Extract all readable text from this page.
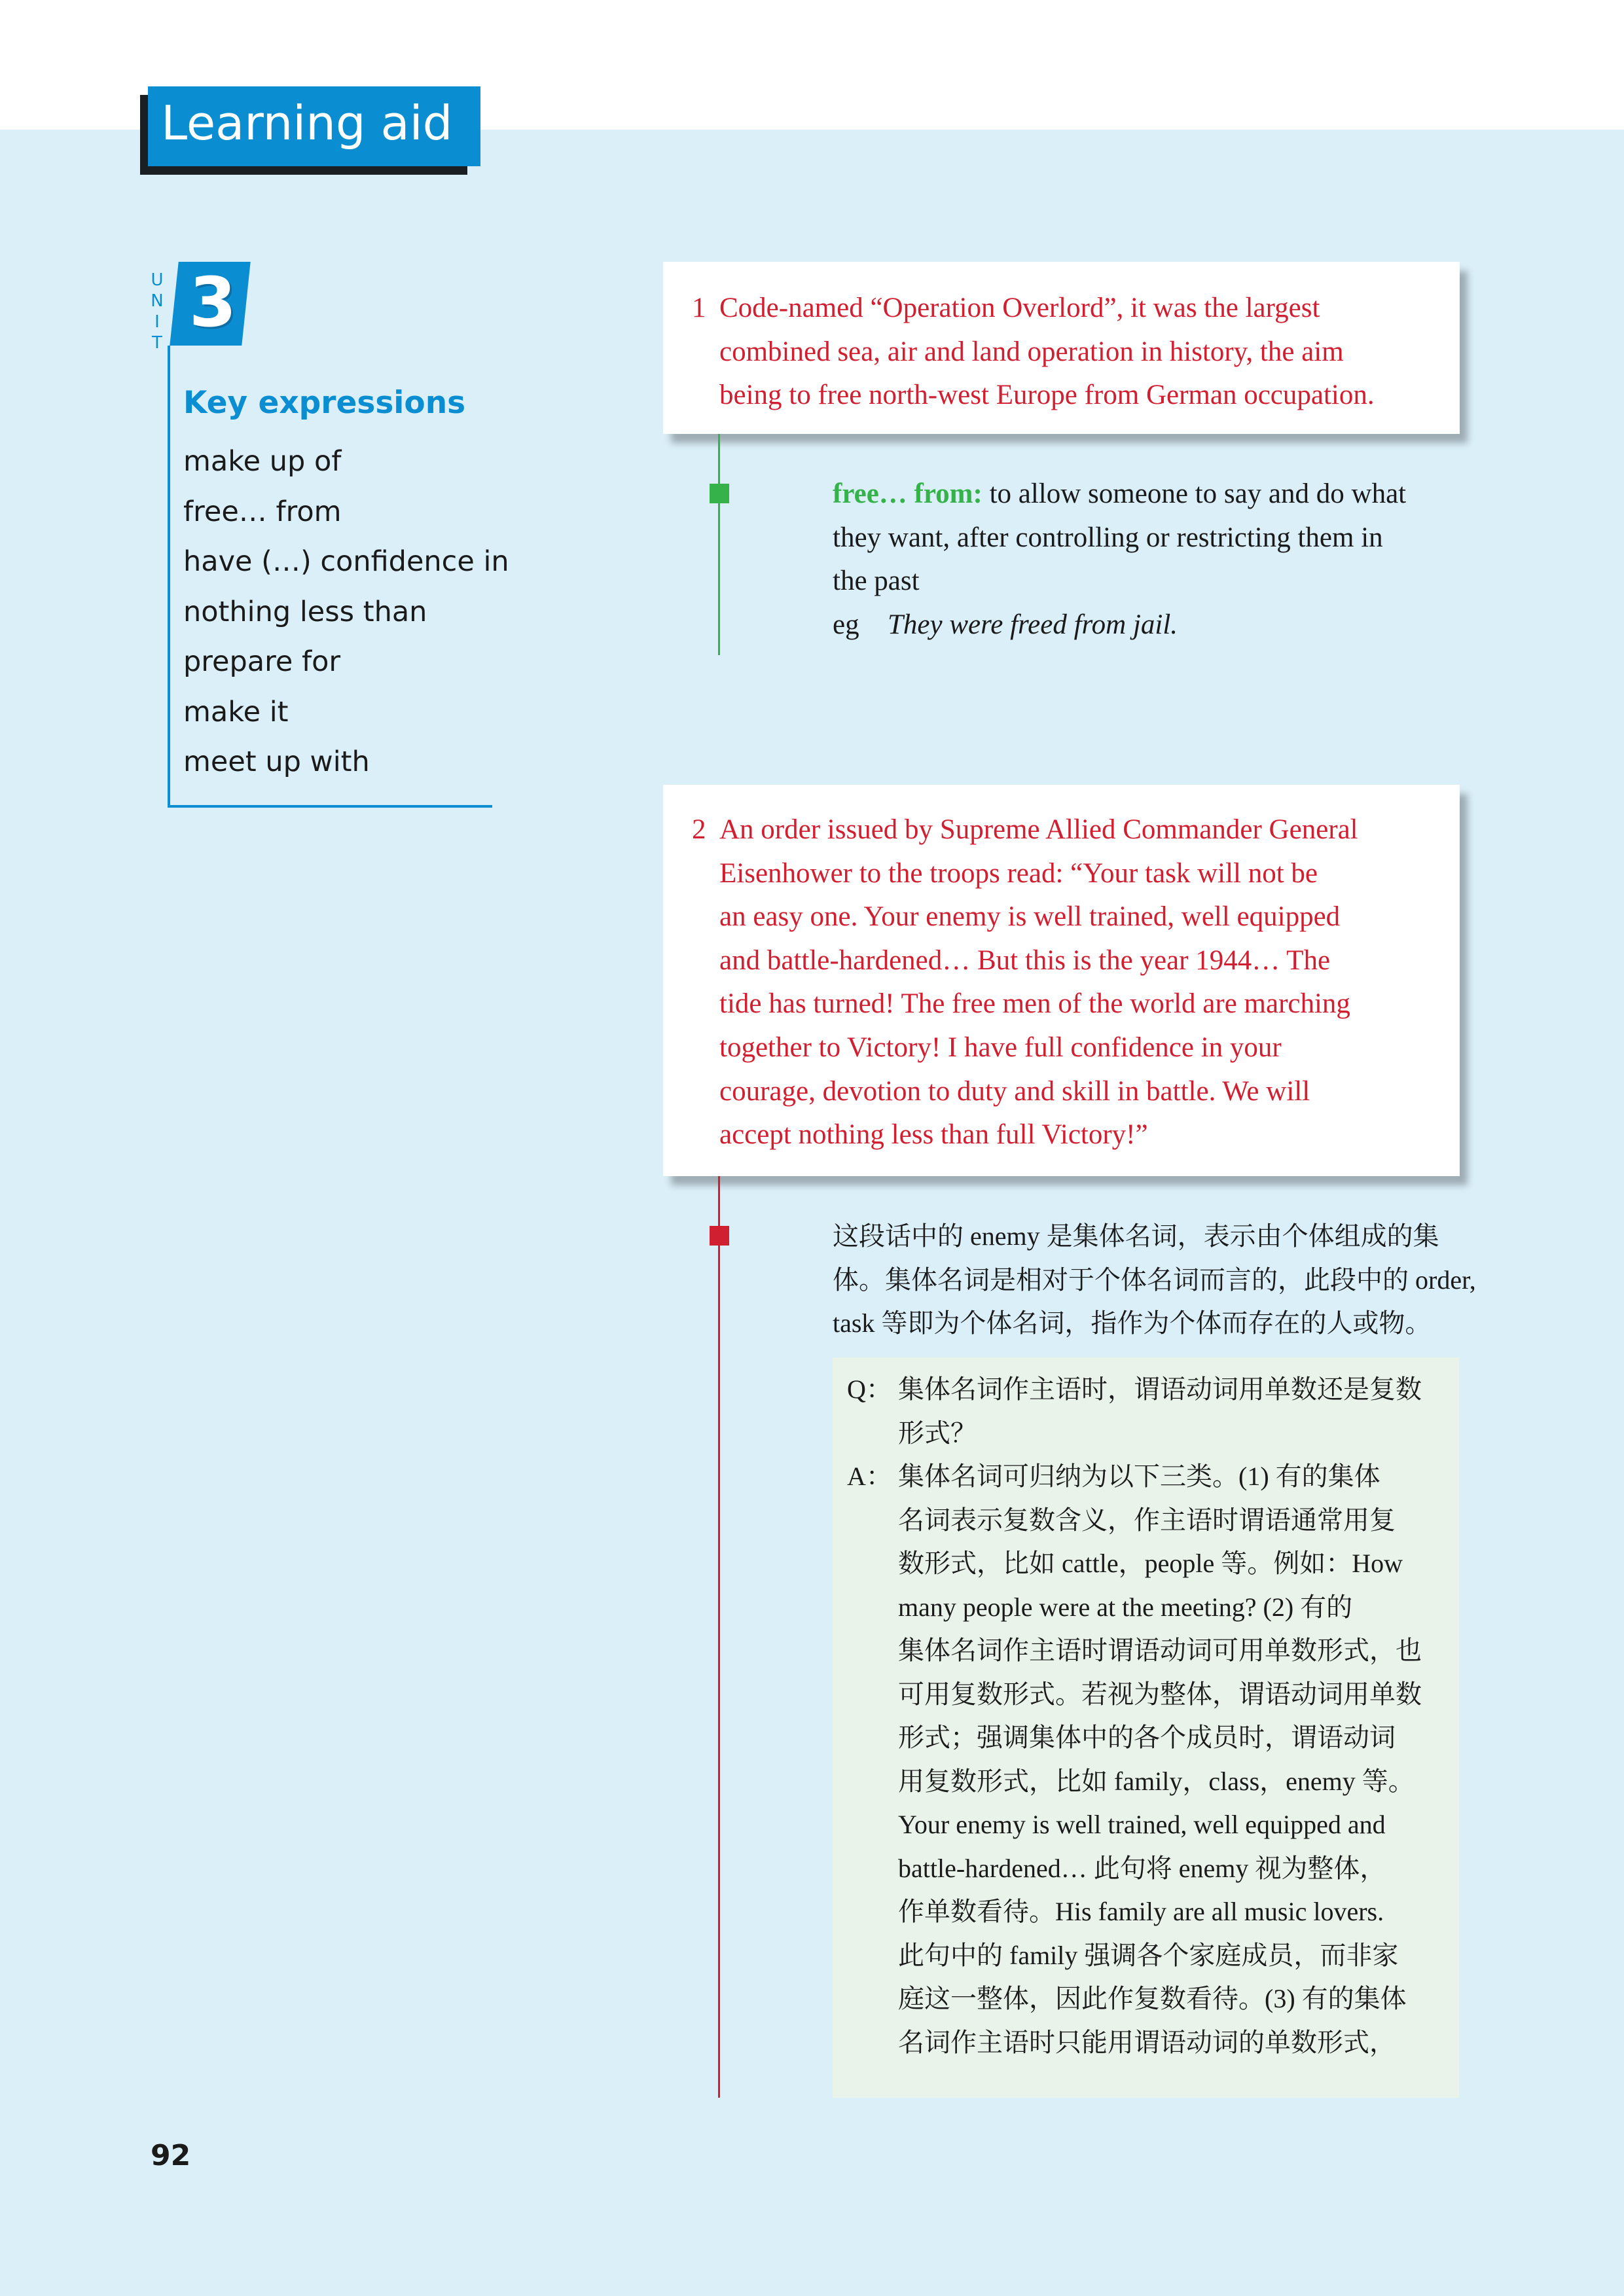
Learning aid
U
N
I
T
3
Key expressions
make up of
free… from
have (…) confidence in
nothing less than
prepare for
make it
meet up with
1 Code-named “Operation Overlord”, it was the largest
combined sea, air and land operation in history, the aim
being to free north-west Europe from German occupation.
free… from: to allow someone to say and do what
they want, after controlling or restricting them in
the past
eg They were freed from jail.
2 An order issued by Supreme Allied Commander General
Eisenhower to the troops read: “Your task will not be
an easy one. Your enemy is well trained, well equipped
and battle-hardened… But this is the year 1944… The
tide has turned! The free men of the world are marching
together to Victory! I have full confidence in your
courage, devotion to duty and skill in battle. We will
accept nothing less than full Victory!”
这段话中的 enemy 是集体名词，表示由个体组成的集
体。集体名词是相对于个体名词而言的，此段中的 order,
task 等即为个体名词，指作为个体而存在的人或物。
Q： 集体名词作主语时，谓语动词用单数还是复数
形式？
A： 集体名词可归纳为以下三类。(1) 有的集体
名词表示复数含义，作主语时谓语通常用复
数形式，比如 cattle，people 等。例如：How
many people were at the meeting? (2) 有的
集体名词作主语时谓语动词可用单数形式，也
可用复数形式。若视为整体，谓语动词用单数
形式；强调集体中的各个成员时，谓语动词
用复数形式，比如 family，class，enemy 等。
Your enemy is well trained, well equipped and
battle-hardened… 此句将 enemy 视为整体，
作单数看待。His family are all music lovers.
此句中的 family 强调各个家庭成员，而非家
庭这一整体，因此作复数看待。(3) 有的集体
名词作主语时只能用谓语动词的单数形式，
92
